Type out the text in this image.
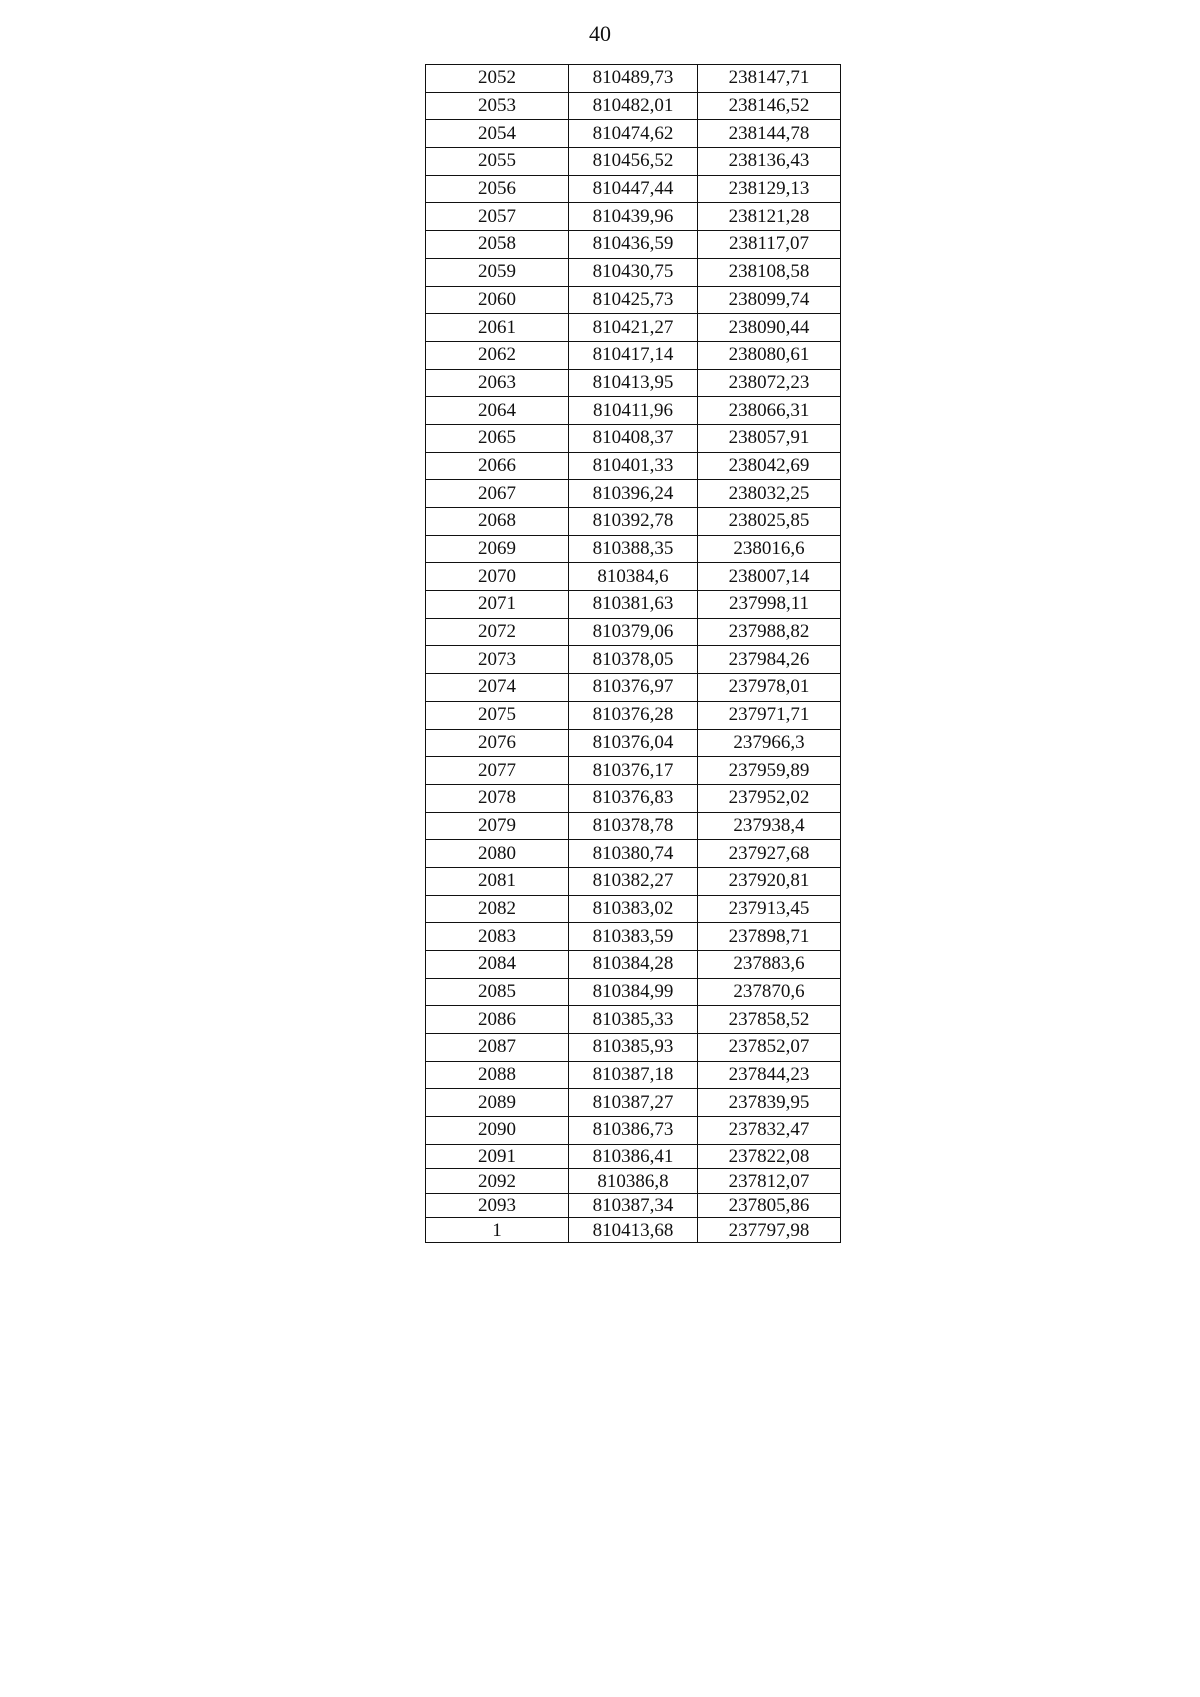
40
2052	810489,73	238147,71
2053	810482,01	238146,52
2054	810474,62	238144,78
2055	810456,52	238136,43
2056	810447,44	238129,13
2057	810439,96	238121,28
2058	810436,59	238117,07
2059	810430,75	238108,58
2060	810425,73	238099,74
2061	810421,27	238090,44
2062	810417,14	238080,61
2063	810413,95	238072,23
2064	810411,96	238066,31
2065	810408,37	238057,91
2066	810401,33	238042,69
2067	810396,24	238032,25
2068	810392,78	238025,85
2069	810388,35	238016,6
2070	810384,6	238007,14
2071	810381,63	237998,11
2072	810379,06	237988,82
2073	810378,05	237984,26
2074	810376,97	237978,01
2075	810376,28	237971,71
2076	810376,04	237966,3
2077	810376,17	237959,89
2078	810376,83	237952,02
2079	810378,78	237938,4
2080	810380,74	237927,68
2081	810382,27	237920,81
2082	810383,02	237913,45
2083	810383,59	237898,71
2084	810384,28	237883,6
2085	810384,99	237870,6
2086	810385,33	237858,52
2087	810385,93	237852,07
2088	810387,18	237844,23
2089	810387,27	237839,95
2090	810386,73	237832,47
2091	810386,41	237822,08
2092	810386,8	237812,07
2093	810387,34	237805,86
1	810413,68	237797,98
